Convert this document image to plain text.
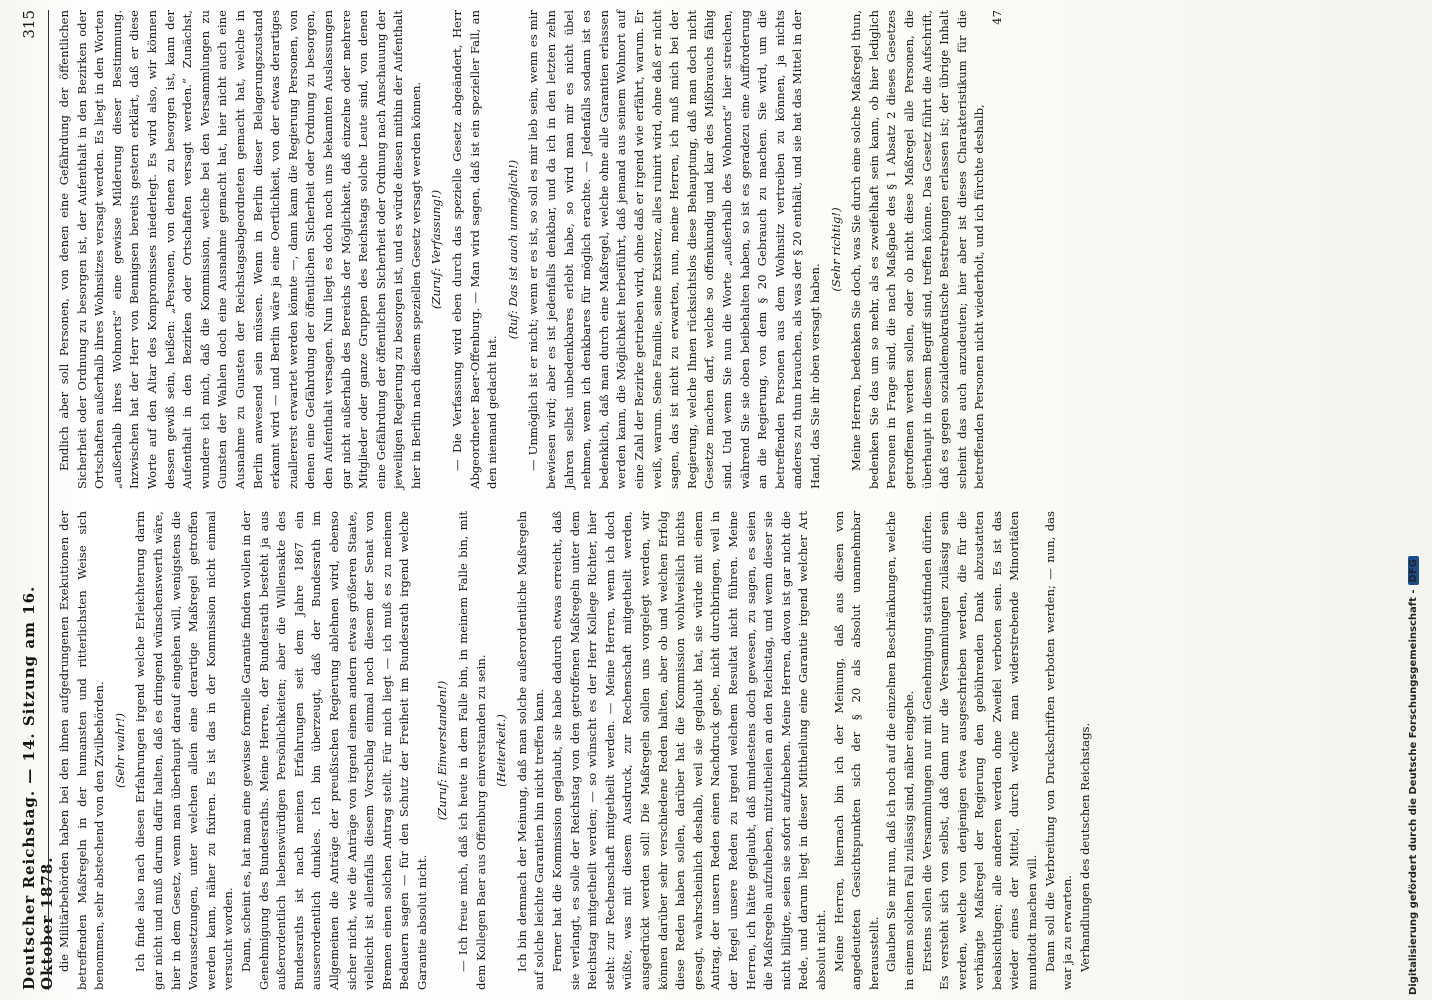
Deutscher Reichstag. — 14. Sitzung am 16. Oktober 1878.
315

die Militärbehörden haben bei den ihnen aufgedrungenen Exekutionen der betreffenden Maßregeln in der humansten und ritterlichsten Weise sich benommen, sehr abstechend von den Zivilbehörden. (Sehr wahr!) Ich finde also nach diesen Erfahrungen irgend welche Erleichterung darin gar nicht und muß darum dafür halten, daß es dringend wünschenswerth wäre, hier in dem Gesetz, wenn man überhaupt darauf eingehen will, wenigstens die Voraussetzungen, unter welchen allein eine derartige Maßregel getroffen werden kann, näher zu fixiren. Es ist das in der Kommission nicht einmal versucht worden. Dann, scheint es, hat man eine gewisse formelle Garantie finden wollen in der Genehmigung des Bundesraths. Meine Herren, der Bundesrath besteht ja aus außerordentlich liebenswürdigen Persönlichkeiten; aber die Willensakte des Bundesraths ist nach meinen Erfahrungen seit dem Jahre 1867 ein ausserordentlich dunkles. Ich bin überzeugt, daß der Bundesrath im Allgemeinen die Anträge der preußischen Regierung ablehnen wird, ebenso sicher nicht, wie die Anträge von irgend einem andern etwas größeren Staate, vielleicht ist allenfalls diesem Vorschlag einmal noch diesem der Senat von Bremen einen solchen Antrag stellt. Für mich liegt — ich muß es zu meinem Bedauern sagen — für den Schutz der Freiheit im Bundesrath irgend welche Garantie absolut nicht.

(Zuruf: Einverstanden!) — Ich freue mich, daß ich heute in dem Falle bin, in meinem Falle bin, mit dem Kollegen Baer aus Offenburg einverstanden zu sein. (Heiterkeit.) Ich bin demnach der Meinung, daß man solche außerordentliche Maßregeln auf solche leichte Garantien hin nicht treffen kann. Ferner hat die Kommission geglaubt, sie habe dadurch etwas erreicht, daß sie verlangt, es solle der Reichstag von den getroffenen Maßregeln unter dem Reichstag mitgetheilt werden; — so wünscht es der Herr Kollege Richter, hier steht: zur Rechenschaft mitgetheilt werden. — Meine Herren, wenn ich doch wüßte, was mit diesem Ausdruck, zur Rechenschaft mitgetheilt werden, ausgedrückt werden soll! Die Maßregeln sollen uns vorgelegt werden, wir können darüber sehr verschiedene Reden halten, aber ob und welchen Erfolg diese Reden haben sollen, darüber hat die Kommission wohlweislich nichts gesagt, wahrscheinlich deshalb, weil sie geglaubt hat, sie würde mit einem Antrag, der unsern Reden einen Nachdruck gebe, nicht durchbringen, weil in der Regel unsere Reden zu irgend welchem Resultat nicht führen. Meine Herren, ich hätte geglaubt, daß mindestens doch gewesen, zu sagen, es seien die Maßregeln aufzuheben, mitzutheilen an den Reichstag, und wenn dieser sie nicht billigte, seien sie sofort aufzuheben. Meine Herren, davon ist gar nicht die Rede, und darum liegt in dieser Mittheilung eine Garantie irgend welcher Art absolut nicht. Meine Herren, hiernach bin ich der Meinung, daß aus diesen von angedeuteten Gesichtspunkten sich der § 20 als absolut unannehmbar herausstellt. Glauben Sie mir nun, daß ich noch auf die einzelnen Beschränkungen, welche in einem solchen Fall zulässig sind, näher eingehe. Erstens sollen die Versammlungen nur mit Genehmigung stattfinden dürfen. Es versteht sich von selbst, daß dann nur die Versammlungen zulässig sein werden, welche von denjenigen etwa ausgeschrieben werden, die für die verhängte Maßregel der Regierung den gebührenden Dank abzustatten beabsichtigen; alle anderen werden ohne Zweifel verboten sein. Es ist das wieder eines der Mittel, durch welche man widerstrebende Minoritäten mundtodt machen will. Dann soll die Verbreitung von Druckschriften verboten werden; — nun, das war ja zu erwarten. Verhandlungen des deutschen Reichstags.

Endlich aber soll Personen, von denen eine Gefährdung der öffentlichen Sicherheit oder Ordnung zu besorgen ist, der Aufenthalt in den Bezirken oder Ortschaften außerhalb ihres Wohnsitzes versagt werden. Es liegt in den Worten „außerhalb ihres Wohnorts“ eine gewisse Milderung dieser Bestimmung. Inzwischen hat der Herr von Bennigsen bereits gestern erklärt, daß er diese Worte auf den Altar des Kompromisses niederlegt. Es wird also, wir können dessen gewiß sein, heißen: „Personen, von denen zu besorgen ist, kann der Aufenthalt in den Bezirken oder Ortschaften versagt werden.“ Zunächst, wundere ich mich, daß die Kommission, welche bei den Versammlungen zu Gunsten der Wahlen doch eine Ausnahme gemacht hat, hier nicht auch eine Ausnahme zu Gunsten der Reichstagsabgeordneten gemacht hat, welche in Berlin anwesend sein müssen. Wenn in Berlin dieser Belagerungszustand erkannt wird — und Berlin wäre ja eine Oertlichkeit, von der etwas derartiges zuallererst erwartet werden könnte —, dann kann die Regierung Personen, von denen eine Gefährdung der öffentlichen Sicherheit oder Ordnung zu besorgen, den Aufenthalt versagen. Nun liegt es doch noch uns bekannten Auslassungen gar nicht außerhalb des Bereichs der Möglichkeit, daß einzelne oder mehrere Mitglieder oder ganze Gruppen des Reichstags solche Leute sind, von denen eine Gefährdung der öffentlichen Sicherheit oder Ordnung nach Anschauung der jeweiligen Regierung zu besorgen ist, und es würde diesen mithin der Aufenthalt hier in Berlin nach diesem speziellen Gesetz versagt werden können. (Zuruf: Verfassung!) — Die Verfassung wird eben durch das spezielle Gesetz abgeändert, Herr Abgeordneter Baer-Offenburg. — Man wird sagen, daß ist ein spezieller Fall, an den niemand gedacht hat.

(Ruf: Das ist auch unmöglich!) — Unmöglich ist er nicht; wenn er es ist, so soll es mir lieb sein, wenn es mir bewiesen wird; aber es ist jedenfalls denkbar, und da ich in den letzten zehn Jahren selbst unbedenkbares erlebt habe, so wird man mir es nicht übel nehmen, wenn ich denkbares für möglich erachte. — Jedenfalls sodann ist es bedenklich, daß man durch eine Maßregel, welche ohne alle Garantien erlassen werden kann, die Möglichkeit herbeiführt, daß jemand aus seinem Wohnort auf eine Zahl der Bezirke getrieben wird, ohne daß er irgend wie erfährt, warum. Er weiß, warum. Seine Familie, seine Existenz, alles ruinirt wird, ohne daß er nicht sagen, das ist nicht zu erwarten, nun, meine Herren, ich muß mich bei der Regierung, welche Ihnen rücksichtslos diese Behauptung, daß man doch nicht Gesetze machen darf, welche so offenkundig und klar des Mißbrauchs fähig sind. Und wenn Sie nun die Worte „außerhalb des Wohnorts“ hier streichen, während Sie sie oben beibehalten haben, so ist es geradezu eine Aufforderung an die Regierung, von dem § 20 Gebrauch zu machen. Sie wird, um die betreffenden Personen aus dem Wohnsitz vertreiben zu können, ja nichts anderes zu thun brauchen, als was der § 20 enthält, und sie hat das Mittel in der Hand, das Sie ihr oben versagt haben.

(Sehr richtig!) Meine Herren, bedenken Sie doch, was Sie durch eine solche Maßregel thun, bedenken Sie das um so mehr, als es zweifelhaft sein kann, ob hier lediglich Personen in Frage sind, die nach Maßgabe des § 1 Absatz 2 dieses Gesetzes getroffenen werden sollen, oder ob nicht diese Maßregel alle Personen, die überhaupt in diesem Begriff sind, treffen könne. Das Gesetz führt die Aufschrift, daß es gegen sozialdemokratische Bestrebungen erlassen ist; der übrige Inhalt scheint das auch anzudeuten; hier aber ist dieses Charakteristikum für die betreffenden Personen nicht wiederholt, und ich fürchte deshalb,

47

Digitalisierung gefördert durch die Deutsche Forschungsgemeinschaft -DFG
